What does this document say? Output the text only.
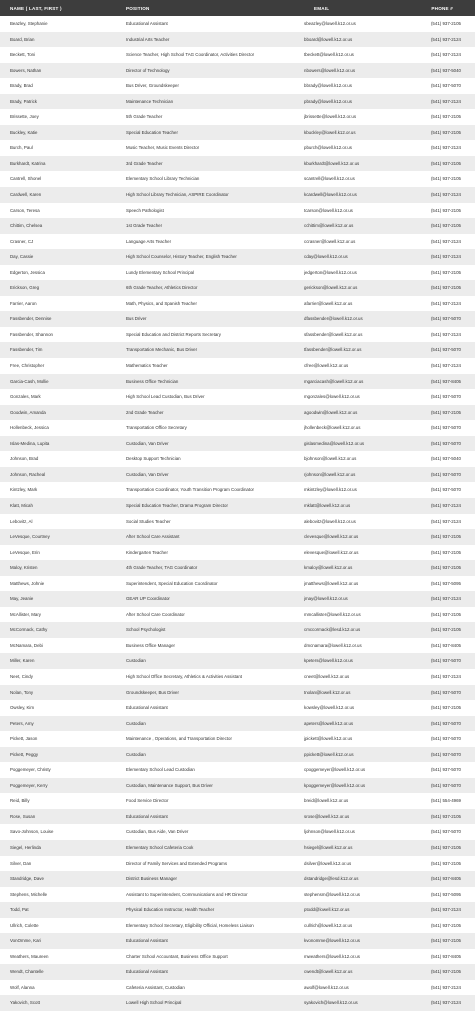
NAME ( LAST, FIRST )	POSITION	EMAIL	PHONE #
Beazley, Stephanie	Educational Assistant	sbeazley@lowell.k12.or.us	(541) 937-2105
Board, Brian	Industrial Arts Teacher	bboard@lowell.k12.or.us	(541) 937-2124
Beckett, Toni	Science Teacher, High School TAG Coordinator, Activities Director	tbeckett@lowell.k12.or.us	(541) 937-2124
Bowers, Nathan	Director of Technology	nbowers@lowell.k12.or.us	(541) 937-5040
Brady, Brad	Bus Driver, Groundskeeper	bbrady@lowell.k12.or.us	(541) 937-5070
Brady, Patrick	Maintenance Technician	pbrady@lowell.k12.or.us	(541) 937-2124
Brissette, Joey	5th Grade Teacher	jbrissette@lowell.k12.or.us	(541) 937-2105
Buckley, Katie	Special Education Teacher	kbuckley@lowell.k12.or.us	(541) 937-2105
Burch, Paul	Music Teacher, Music Events Director	pburch@lowell.k12.or.us	(541) 937-2124
Burkhardt, Katrina	3rd Grade Teacher	kburkhardt@lowell.k12.or.us	(541) 937-2105
Cantrell, Shonel	Elementary School Library Technician	scantrell@lowell.k12.or.us	(541) 937-2105
Cardwell, Karen	High School Library Technician, ASPIRE Coordinator	kcardwell@lowell.k12.or.us	(541) 937-2124
Carson, Teresa	Speech Pathologist	tcarson@lowell.k12.or.us	(541) 937-2105
Chittim, Chelsea	1st Grade Teacher	cchittim@lowell.k12.or.us	(541) 937-2105
Crasner, CJ	Language Arts Teacher	ccrasner@lowell.k12.or.us	(541) 937-2124
Day, Cassie	High School Counselor, History Teacher, English Teacher	cday@lowell.k12.or.us	(541) 937-2124
Edgerton, Jessica	Lundy Elementary School Principal	jedgerton@lowell.k12.or.us	(541) 937-2105
Erickson, Greg	6th Grade Teacher, Athletics Director	gerickson@lowell.k12.or.us	(541) 937-2105
Farrier, Aaron	Math, Physics, and Spanish Teacher	afarrier@lowell.k12.or.us	(541) 937-2124
Fassbender, Dennise	Bus Driver	dfassbender@lowell.k12.or.us	(541) 937-5070
Fassbender, Shannon	Special Education and District Reports Secretary	sfassbender@lowell.k12.or.us	(541) 937-2124
Fassbender, Tim	Transportation Mechanic, Bus Driver	tfassbender@lowell.k12.or.us	(541) 937-5070
Free, Christopher	Mathematics Teacher	cfree@lowell.k12.or.us	(541) 937-2124
Garcia-Cash, Mollie	Business Office Technician	mgarciacash@lowell.k12.or.us	(541) 937-8405
Gonzales, Mark	High School Lead Custodian, Bus Driver	mgonzales@lowell.k12.or.us	(541) 937-5070
Goodwin, Amanda	2nd Grade Teacher	agoodwin@lowell.k12.or.us	(541) 937-2105
Hollenbeck, Jessica	Transportation Office Secretary	jhollenbeck@lowell.k12.or.us	(541) 937-5070
Islas-Medina, Lupita	Custodian, Van Driver	gislasmedina@lowell.k12.or.us	(541) 937-5070
Johnson, Brad	Desktop Support Technician	bjohnson@lowell.k12.or.us	(541) 937-5040
Johnson, Racheal	Custodian, Van Driver	rjohnson@lowell.k12.or.us	(541) 937-5070
Kintzley, Mark	Transportation Coordinator, Youth Transition Program Coordinator	mkintzley@lowell.k12.or.us	(541) 937-5070
Klatt, Micah	Special Education Teacher, Drama Program Director	mklatt@lowell.k12.or.us	(541) 937-2124
Lebovitz, Al	Social Studies Teacher	alebovitz@lowell.k12.or.us	(541) 937-2124
LeVesque, Courtney	After School Care Assistant	clevesque@lowell.k12.or.us	(541) 937-2105
LeVesque, Erin	Kindergarten Teacher	elevesque@lowell.k12.or.us	(541) 937-2105
Maloy, Kristen	4th Grade Teacher, TAG Coordinator	kmaloy@lowell.k12.or.us	(541) 937-2105
Matthews, Johnie	Superintendent, Special Education Coordinator	jmatthews@lowell.k12.or.us	(541) 937-5095
May, Jeanie	GEAR UP Coordinator	jmay@lowell.k12.or.us	(541) 937-2124
McAllister, Mary	After School Care Coordinator	mmcallister@lowell.k12.or.us	(541) 937-2105
McCormack, Cathy	School Psychologist	cmccormack@lesd.k12.or.us	(541) 937-2105
McNamara, Debi	Business Office Manager	dmcnamara@lowell.k12.or.us	(541) 937-8405
Miller, Karen	Custodian	kpeters@lowell.k12.or.us	(541) 937-5070
Neet, Cindy	High School Office Secretary, Athletics & Activities Assistant	cneet@lowell.k12.or.us	(541) 937-2124
Nolan, Tony	Groundskeeper, Bus Driver	tnolan@lowell.k12.or.us	(541) 937-5070
Owsley, Kim	Educational Assistant	kowsley@lowell.k12.or.us	(541) 937-2105
Peters, Amy	Custodian	apeters@lowell.k12.or.us	(541) 937-5070
Pickett, Jason	Maintenance , Operations, and Transportation Director	jpickett@lowell.k12.or.us	(541) 937-5070
Pickett, Peggy	Custodian	ppickett@lowell.k12.or.us	(541) 937-5070
Poggemeyer, Christy	Elementary School Lead Custodian	cpoggemeyer@lowell.k12.or.us	(541) 937-5070
Poggemeyer, Kerry	Custodian, Maintenance Support, Bus Driver	kpoggemeyer@lowell.k12.or.us	(541) 937-5070
Reid, Billy	Food Service Director	breid@lowell.k12.or.us	(541) 554-4969
Rose, Susan	Educational Assistant	srose@lowell.k12.or.us	(541) 937-2105
Savo-Johnson, Louise	Custodian, Bus Aide, Van Driver	ljohnson@lowell.k12.or.us	(541) 937-5070
Siegel, Herlinda	Elementary School Cafeteria Cook	hsiegel@lowell.k12.or.us	(541) 937-2105
Silver, Dan	Director of Family Services and Extended Programs	dsilver@lowell.k12.or.us	(541) 937-2105
Standridge, Dave	District Business Manager	dstandridge@lesd.k12.or.us	(541) 937-8405
Stephens, Michelle	Assistant to Superintendent, Communications and HR Director	stephensm@lowell.k12.or.us	(541) 937-5095
Todd, Pat	Physical Education Instructor, Health Teacher	ptodd@lowell.k12.or.us	(541) 937-2124
Ullrich, Colette	Elementary School Secretary, Eligibility Official, Homeless Liaison	cullrich@lowell.k12.or.us	(541) 937-2105
VonOmme, Kari	Educational Assistant	kvonomme@lowell.k12.or.us	(541) 937-2105
Weathers, Maureen	Charter School Accountant, Business Office Support	mweathers@lowell.k12.or.us	(541) 937-8405
Wendt, Chantelle	Educational Assistant	cwendt@lowell.k12.or.us	(541) 937-2105
Wolf, Alanna	Cafeteria Assistant, Custodian	awolf@lowell.k12.or.us	(541) 937-2124
Yakovich, Scott	Lowell High School Principal	syakovich@lowell.k12.or.us	(541) 937-2124
